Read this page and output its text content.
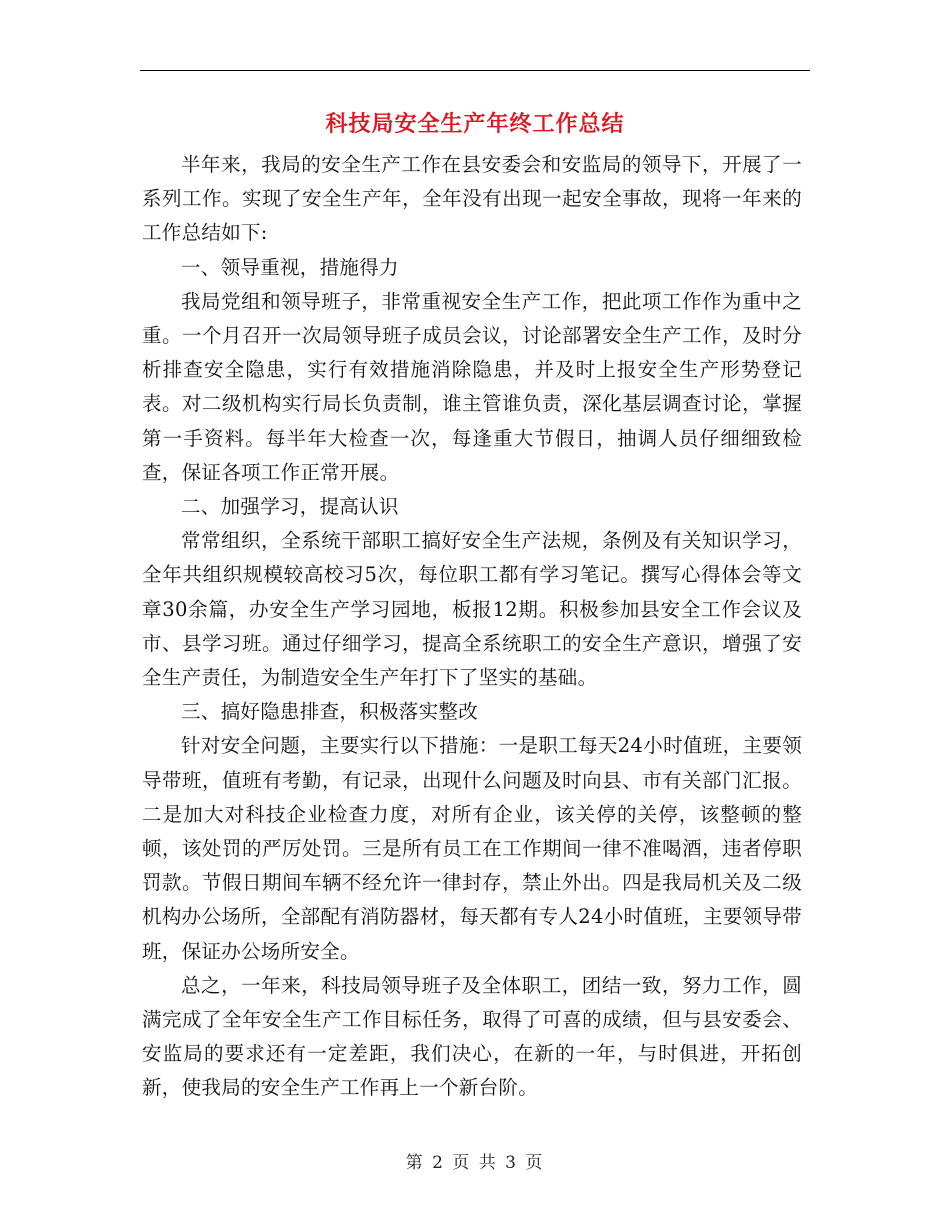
科技局安全生产年终工作总结

半年来，我局的安全生产工作在县安委会和安监局的领导下，开展了一系列工作。实现了安全生产年，全年没有出现一起安全事故，现将一年来的工作总结如下:

一、领导重视，措施得力

我局党组和领导班子，非常重视安全生产工作，把此项工作作为重中之重。一个月召开一次局领导班子成员会议，讨论部署安全生产工作，及时分析排查安全隐患，实行有效措施消除隐患，并及时上报安全生产形势登记表。对二级机构实行局长负责制，谁主管谁负责，深化基层调查讨论，掌握第一手资料。每半年大检查一次，每逢重大节假日，抽调人员仔细细致检查，保证各项工作正常开展。

二、加强学习，提高认识

常常组织，全系统干部职工搞好安全生产法规，条例及有关知识学习，全年共组织规模较高校习5次，每位职工都有学习笔记。撰写心得体会等文章30余篇，办安全生产学习园地，板报12期。积极参加县安全工作会议及市、县学习班。通过仔细学习，提高全系统职工的安全生产意识，增强了安全生产责任，为制造安全生产年打下了坚实的基础。

三、搞好隐患排查，积极落实整改

针对安全问题，主要实行以下措施：一是职工每天24小时值班，主要领导带班，值班有考勤，有记录，出现什么问题及时向县、市有关部门汇报。二是加大对科技企业检查力度，对所有企业，该关停的关停，该整顿的整顿，该处罚的严厉处罚。三是所有员工在工作期间一律不准喝酒，违者停职罚款。节假日期间车辆不经允许一律封存，禁止外出。四是我局机关及二级机构办公场所，全部配有消防器材，每天都有专人24小时值班，主要领导带班，保证办公场所安全。

总之，一年来，科技局领导班子及全体职工，团结一致，努力工作，圆满完成了全年安全生产工作目标任务，取得了可喜的成绩，但与县安委会、安监局的要求还有一定差距，我们决心，在新的一年，与时俱进，开拓创新，使我局的安全生产工作再上一个新台阶。

第 2 页 共 3 页
